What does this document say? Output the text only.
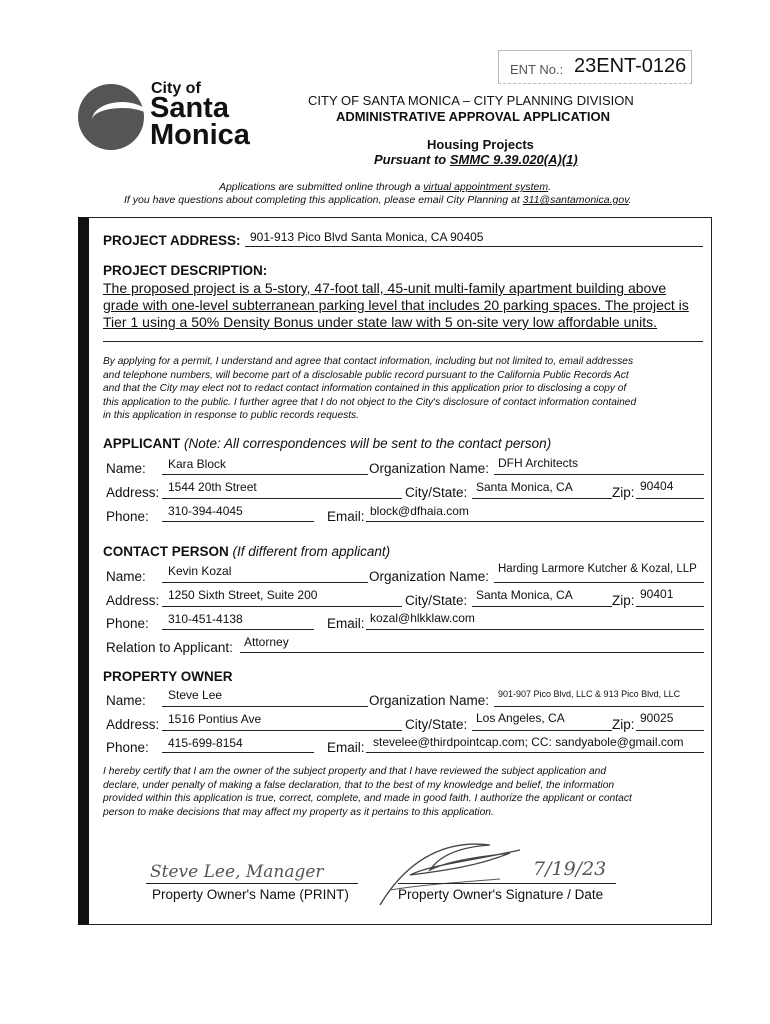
ENT No.: 23ENT-0126
City of
Santa
Monica
CITY OF SANTA MONICA – CITY PLANNING DIVISION
ADMINISTRATIVE APPROVAL APPLICATION
Housing Projects
Pursuant to SMMC 9.39.020(A)(1)
Applications are submitted online through a virtual appointment system.
If you have questions about completing this application, please email City Planning at 311@santamonica.gov.
GENERAL INFORMATION
PROJECT ADDRESS: 901-913 Pico Blvd Santa Monica, CA 90405
PROJECT DESCRIPTION:
The proposed project is a 5-story, 47-foot tall, 45-unit multi-family apartment building above
grade with one-level subterranean parking level that includes 20 parking spaces. The project is
Tier 1 using a 50% Density Bonus under state law with 5 on-site very low affordable units.
By applying for a permit, I understand and agree that contact information, including but not limited to, email addresses
and telephone numbers, will become part of a disclosable public record pursuant to the California Public Records Act
and that the City may elect not to redact contact information contained in this application prior to disclosing a copy of
this application to the public. I further agree that I do not object to the City's disclosure of contact information contained
in this application in response to public records requests.
APPLICANT (Note: All correspondences will be sent to the contact person)
Name: Kara Block	Organization Name: DFH Architects
Address: 1544 20th Street	City/State: Santa Monica, CA	Zip: 90404
Phone: 310-394-4045	Email: block@dfhaia.com
CONTACT PERSON (If different from applicant)
Name: Kevin Kozal	Organization Name: Harding Larmore Kutcher & Kozal, LLP
Address: 1250 Sixth Street, Suite 200	City/State: Santa Monica, CA	Zip: 90401
Phone: 310-451-4138	Email: kozal@hlkklaw.com
Relation to Applicant: Attorney
PROPERTY OWNER
Name: Steve Lee	Organization Name: 901-907 Pico Blvd, LLC & 913 Pico Blvd, LLC
Address: 1516 Pontius Ave	City/State: Los Angeles, CA	Zip: 90025
Phone: 415-699-8154	Email: stevelee@thirdpointcap.com; CC: sandyabole@gmail.com
I hereby certify that I am the owner of the subject property and that I have reviewed the subject application and
declare, under penalty of making a false declaration, that to the best of my knowledge and belief, the information
provided within this application is true, correct, complete, and made in good faith. I authorize the applicant or contact
person to make decisions that may affect my property as it pertains to this application.
Steve Lee, Manager
Property Owner's Name (PRINT)
7/19/23
Property Owner's Signature / Date
